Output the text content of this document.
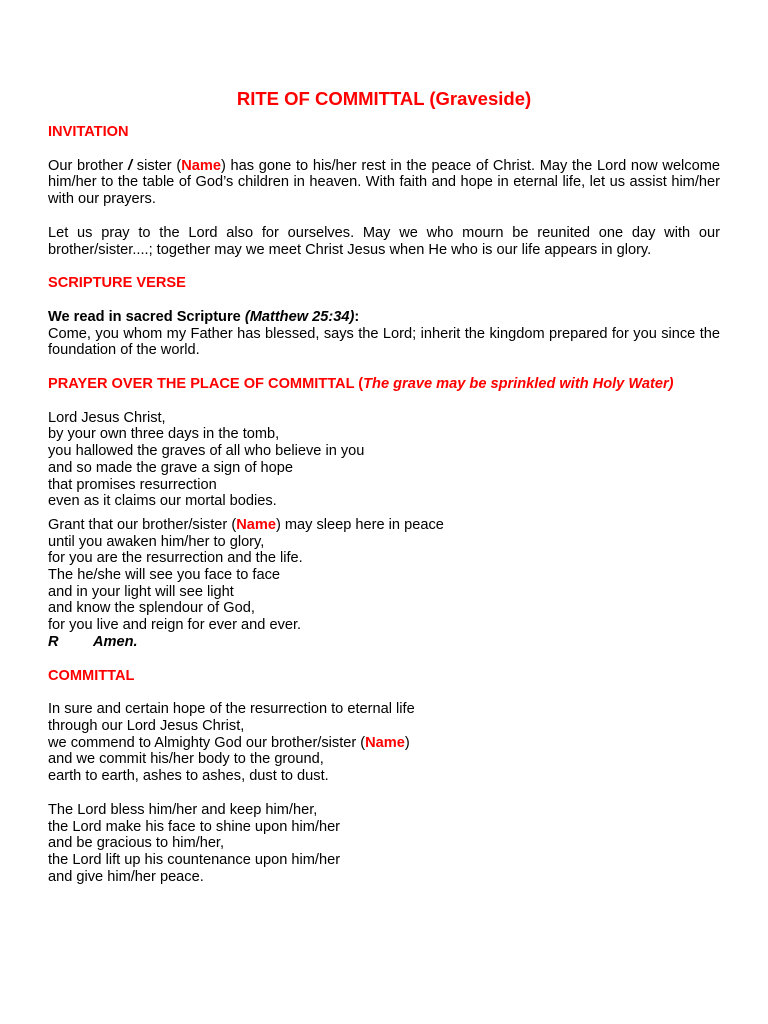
RITE OF COMMITTAL (Graveside)

INVITATION

Our brother / sister (Name) has gone to his/her rest in the peace of Christ. May the Lord now welcome him/her to the table of God’s children in heaven. With faith and hope in eternal life, let us assist him/her with our prayers.

Let us pray to the Lord also for ourselves. May we who mourn be reunited one day with our brother/sister....; together may we meet Christ Jesus when He who is our life appears in glory.

SCRIPTURE VERSE

We read in sacred Scripture (Matthew 25:34):

Come, you whom my Father has blessed, says the Lord; inherit the kingdom prepared for you since the foundation of the world.

PRAYER OVER THE PLACE OF COMMITTAL (The grave may be sprinkled with Holy Water)

Lord Jesus Christ,
by your own three days in the tomb,
you hallowed the graves of all who believe in you
and so made the grave a sign of hope
that promises resurrection
even as it claims our mortal bodies.
Grant that our brother/sister (Name) may sleep here in peace
until you awaken him/her to glory,
for you are the resurrection and the life.
The he/she will see you face to face
and in your light will see light
and know the splendour of God,
for you live and reign for ever and ever.
R Amen.

COMMITTAL

In sure and certain hope of the resurrection to eternal life
through our Lord Jesus Christ,
we commend to Almighty God our brother/sister (Name)
and we commit his/her body to the ground,
earth to earth, ashes to ashes, dust to dust.
The Lord bless him/her and keep him/her,
the Lord make his face to shine upon him/her
and be gracious to him/her,
the Lord lift up his countenance upon him/her
and give him/her peace.
